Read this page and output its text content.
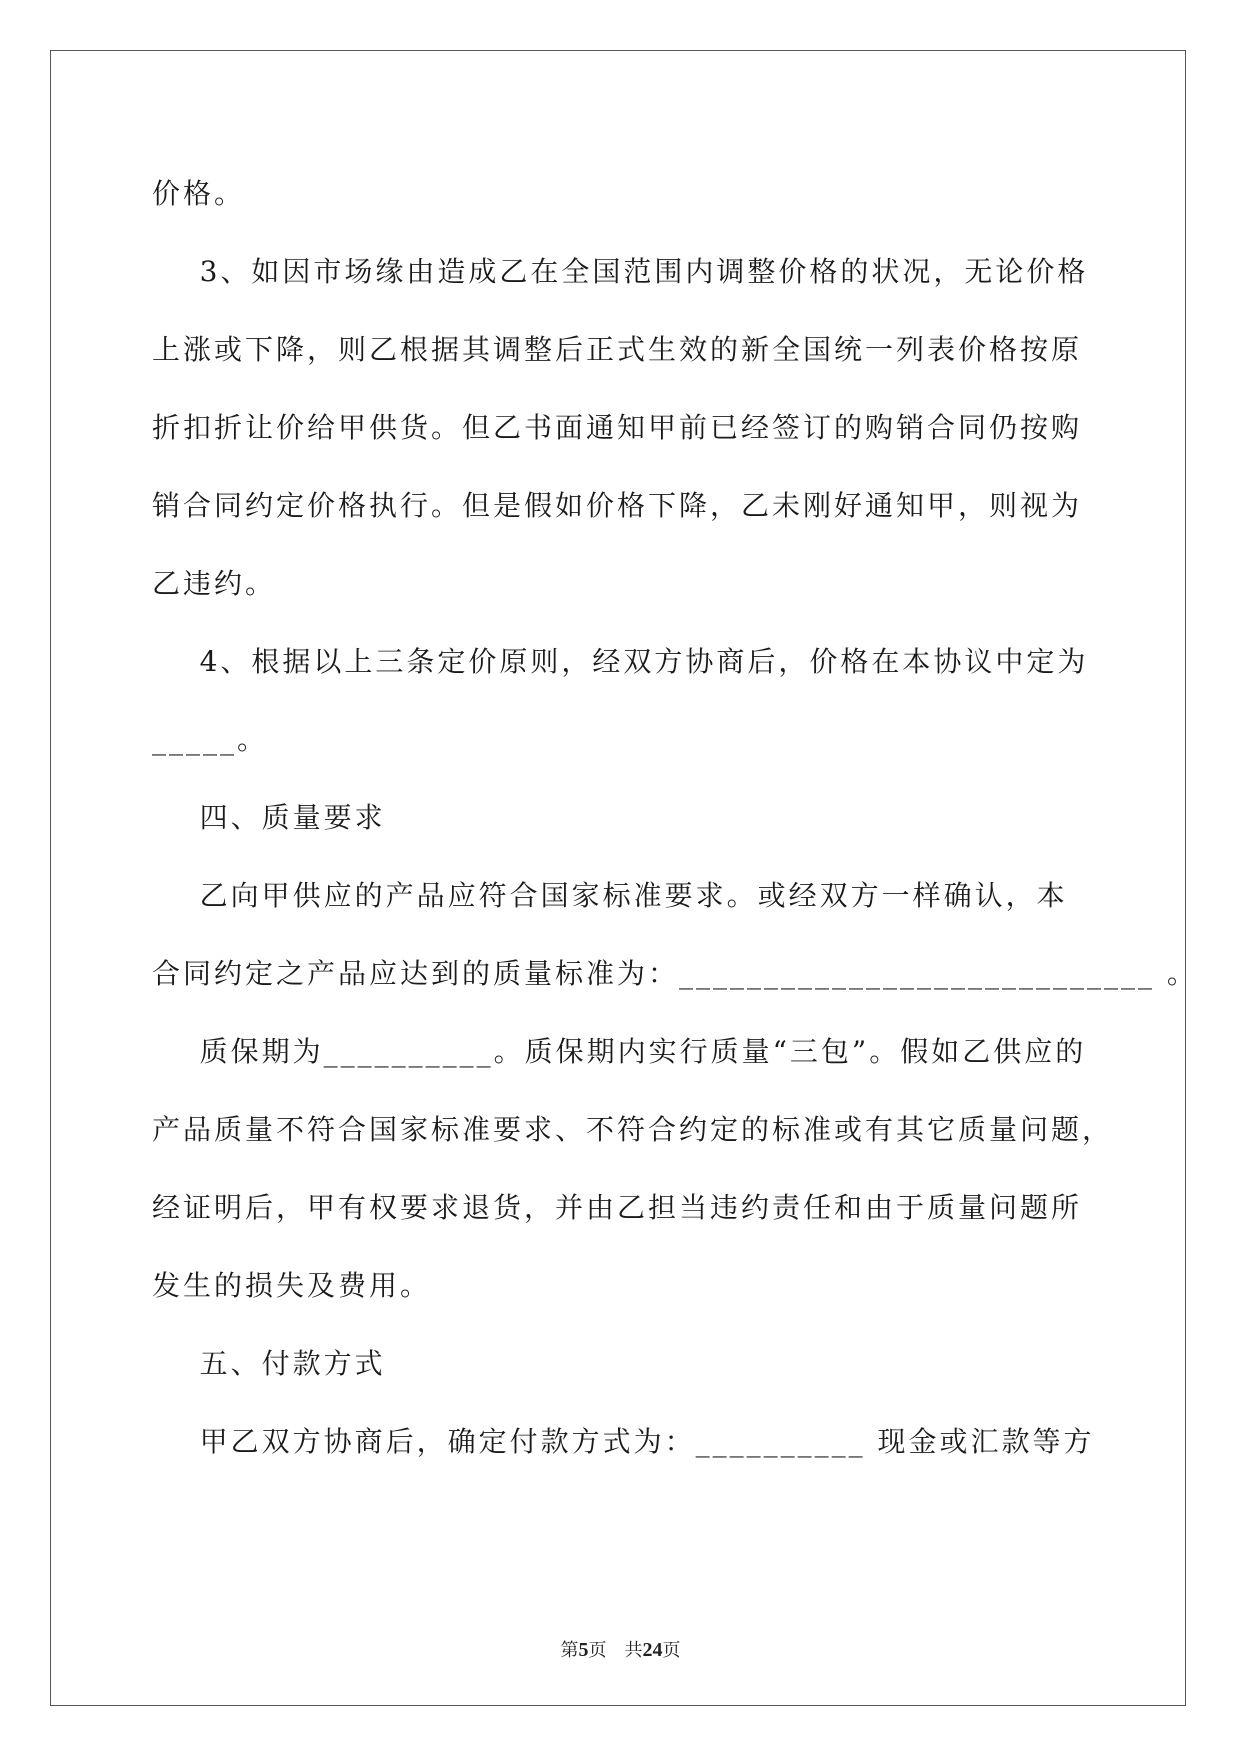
价格。
3、如因市场缘由造成乙在全国范围内调整价格的状况，无论价格
上涨或下降，则乙根据其调整后正式生效的新全国统一列表价格按原
折扣折让价给甲供货。但乙书面通知甲前已经签订的购销合同仍按购
销合同约定价格执行。但是假如价格下降，乙未刚好通知甲，则视为
乙违约。
4、根据以上三条定价原则，经双方协商后，价格在本协议中定为
_____。
四、质量要求
乙向甲供应的产品应符合国家标准要求。或经双方一样确认，本
合同约定之产品应达到的质量标准为：____________________________ 。
质保期为__________。质保期内实行质量“三包”。假如乙供应的
产品质量不符合国家标准要求、不符合约定的标准或有其它质量问题，
经证明后，甲有权要求退货，并由乙担当违约责任和由于质量问题所
发生的损失及费用。
五、付款方式
甲乙双方协商后，确定付款方式为：__________ 现金或汇款等方
第5页　共24页
